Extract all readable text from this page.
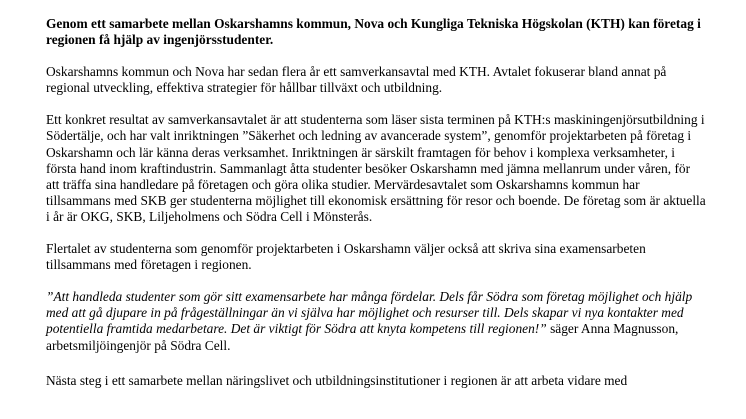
Genom ett samarbete mellan Oskarshamns kommun, Nova och Kungliga Tekniska Högskolan (KTH) kan företag i regionen få hjälp av ingenjörsstudenter.

Oskarshamns kommun och Nova har sedan flera år ett samverkansavtal med KTH. Avtalet fokuserar bland annat på regional utveckling, effektiva strategier för hållbar tillväxt och utbildning.

Ett konkret resultat av samverkansavtalet är att studenterna som läser sista terminen på KTH:s maskiningenjörsutbildning i Södertälje, och har valt inriktningen ”Säkerhet och ledning av avancerade system”, genomför projektarbeten på företag i Oskarshamn och lär känna deras verksamhet. Inriktningen är särskilt framtagen för behov i komplexa verksamheter, i första hand inom kraftindustrin. Sammanlagt åtta studenter besöker Oskarshamn med jämna mellanrum under våren, för att träffa sina handledare på företagen och göra olika studier. Mervärdesavtalet som Oskarshamns kommun har tillsammans med SKB ger studenterna möjlighet till ekonomisk ersättning för resor och boende. De företag som är aktuella i år är OKG, SKB, Liljeholmens och Södra Cell i Mönsterås.

Flertalet av studenterna som genomför projektarbeten i Oskarshamn väljer också att skriva sina examensarbeten tillsammans med företagen i regionen.

”Att handleda studenter som gör sitt examensarbete har många fördelar. Dels får Södra som företag möjlighet och hjälp med att gå djupare in på frågeställningar än vi själva har möjlighet och resurser till. Dels skapar vi nya kontakter med potentiella framtida medarbetare. Det är viktigt för Södra att knyta kompetens till regionen!” säger Anna Magnusson, arbetsmiljöingenjör på Södra Cell.

Nästa steg i ett samarbete mellan näringslivet och utbildningsinstitutioner i regionen är att arbeta vidare med
